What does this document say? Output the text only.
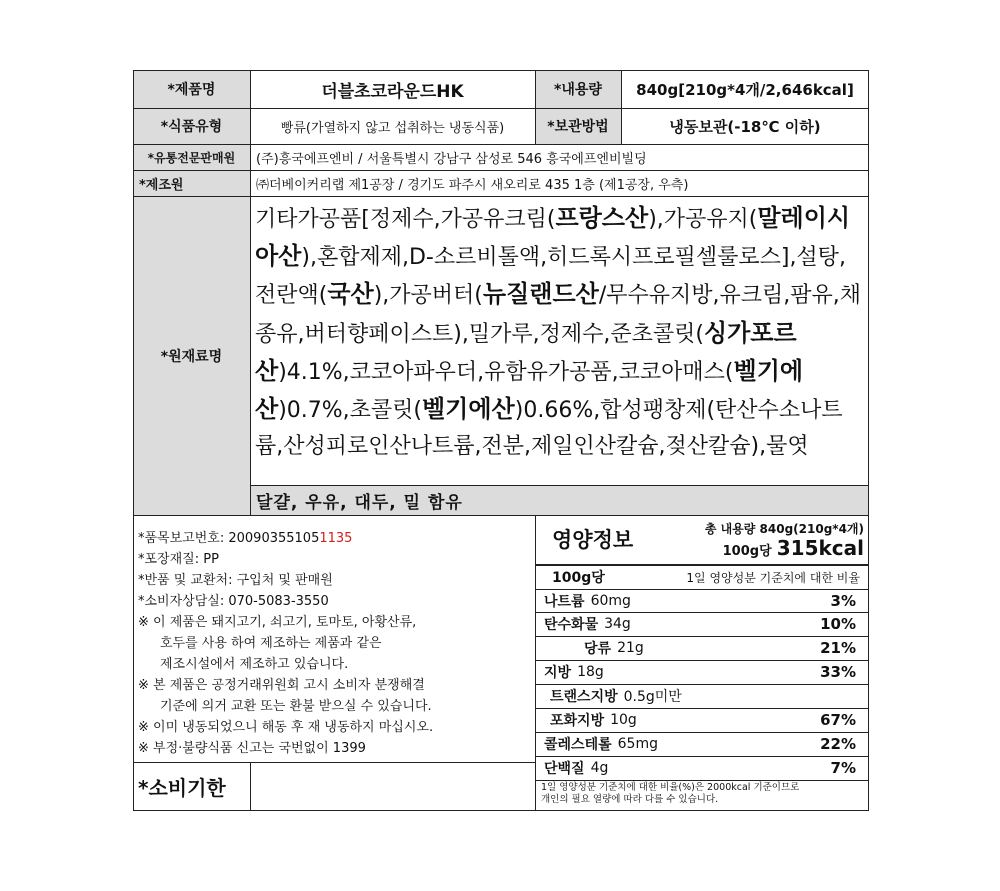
*제품명	더블초코라운드HK	*내용량	840g[210g*4개/2,646kcal]
*식품유형	빵류(가열하지 않고 섭취하는 냉동식품)	*보관방법	냉동보관(-18℃ 이하)
*유통전문판매원	(주)흥국에프엔비 / 서울특별시 강남구 삼성로 546 흥국에프엔비빌딩
*제조원	㈜더베이커리랩 제1공장 / 경기도 파주시 새오리로 435 1층 (제1공장, 우측)
*원재료명
기타가공품[정제수,가공유크림(프랑스산),가공유지(말레이시아산),혼합제제,D-소르비톨액,히드록시프로필셀룰로스],설탕,전란액(국산),가공버터(뉴질랜드산/무수유지방,유크림,팜유,채종유,버터향페이스트),밀가루,정제수,준초콜릿(싱가포르산)4.1%,코코아파우더,유함유가공품,코코아매스(벨기에산)0.7%,초콜릿(벨기에산)0.66%,합성팽창제(탄산수소나트륨,산성피로인산나트륨,전분,제일인산칼슘,젖산칼슘),물엿
달걀, 우유, 대두, 밀 함유
*품목보고번호: 200903551051135
*포장재질: PP
*반품 및 교환처: 구입처 및 판매원
*소비자상담실: 070-5083-3550
※ 이 제품은 돼지고기, 쇠고기, 토마토, 아황산류,
호두를 사용 하여 제조하는 제품과 같은
제조시설에서 제조하고 있습니다.
※ 본 제품은 공정거래위원회 고시 소비자 분쟁해결
기준에 의거 교환 또는 환불 받으실 수 있습니다.
※ 이미 냉동되었으니 해동 후 재 냉동하지 마십시오.
※ 부정·불량식품 신고는 국번없이 1399
*소비기한
영양정보	총 내용량 840g(210g*4개)
100g당 315kcal
100g당	1일 영양성분 기준치에 대한 비율
나트륨 60mg	3%
탄수화물 34g	10%
당류 21g	21%
지방 18g	33%
트랜스지방 0.5g미만
포화지방 10g	67%
콜레스테롤 65mg	22%
단백질 4g	7%
1일 영양성분 기준치에 대한 비율(%)은 2000kcal 기준이므로
개인의 필요 열량에 따라 다를 수 있습니다.
